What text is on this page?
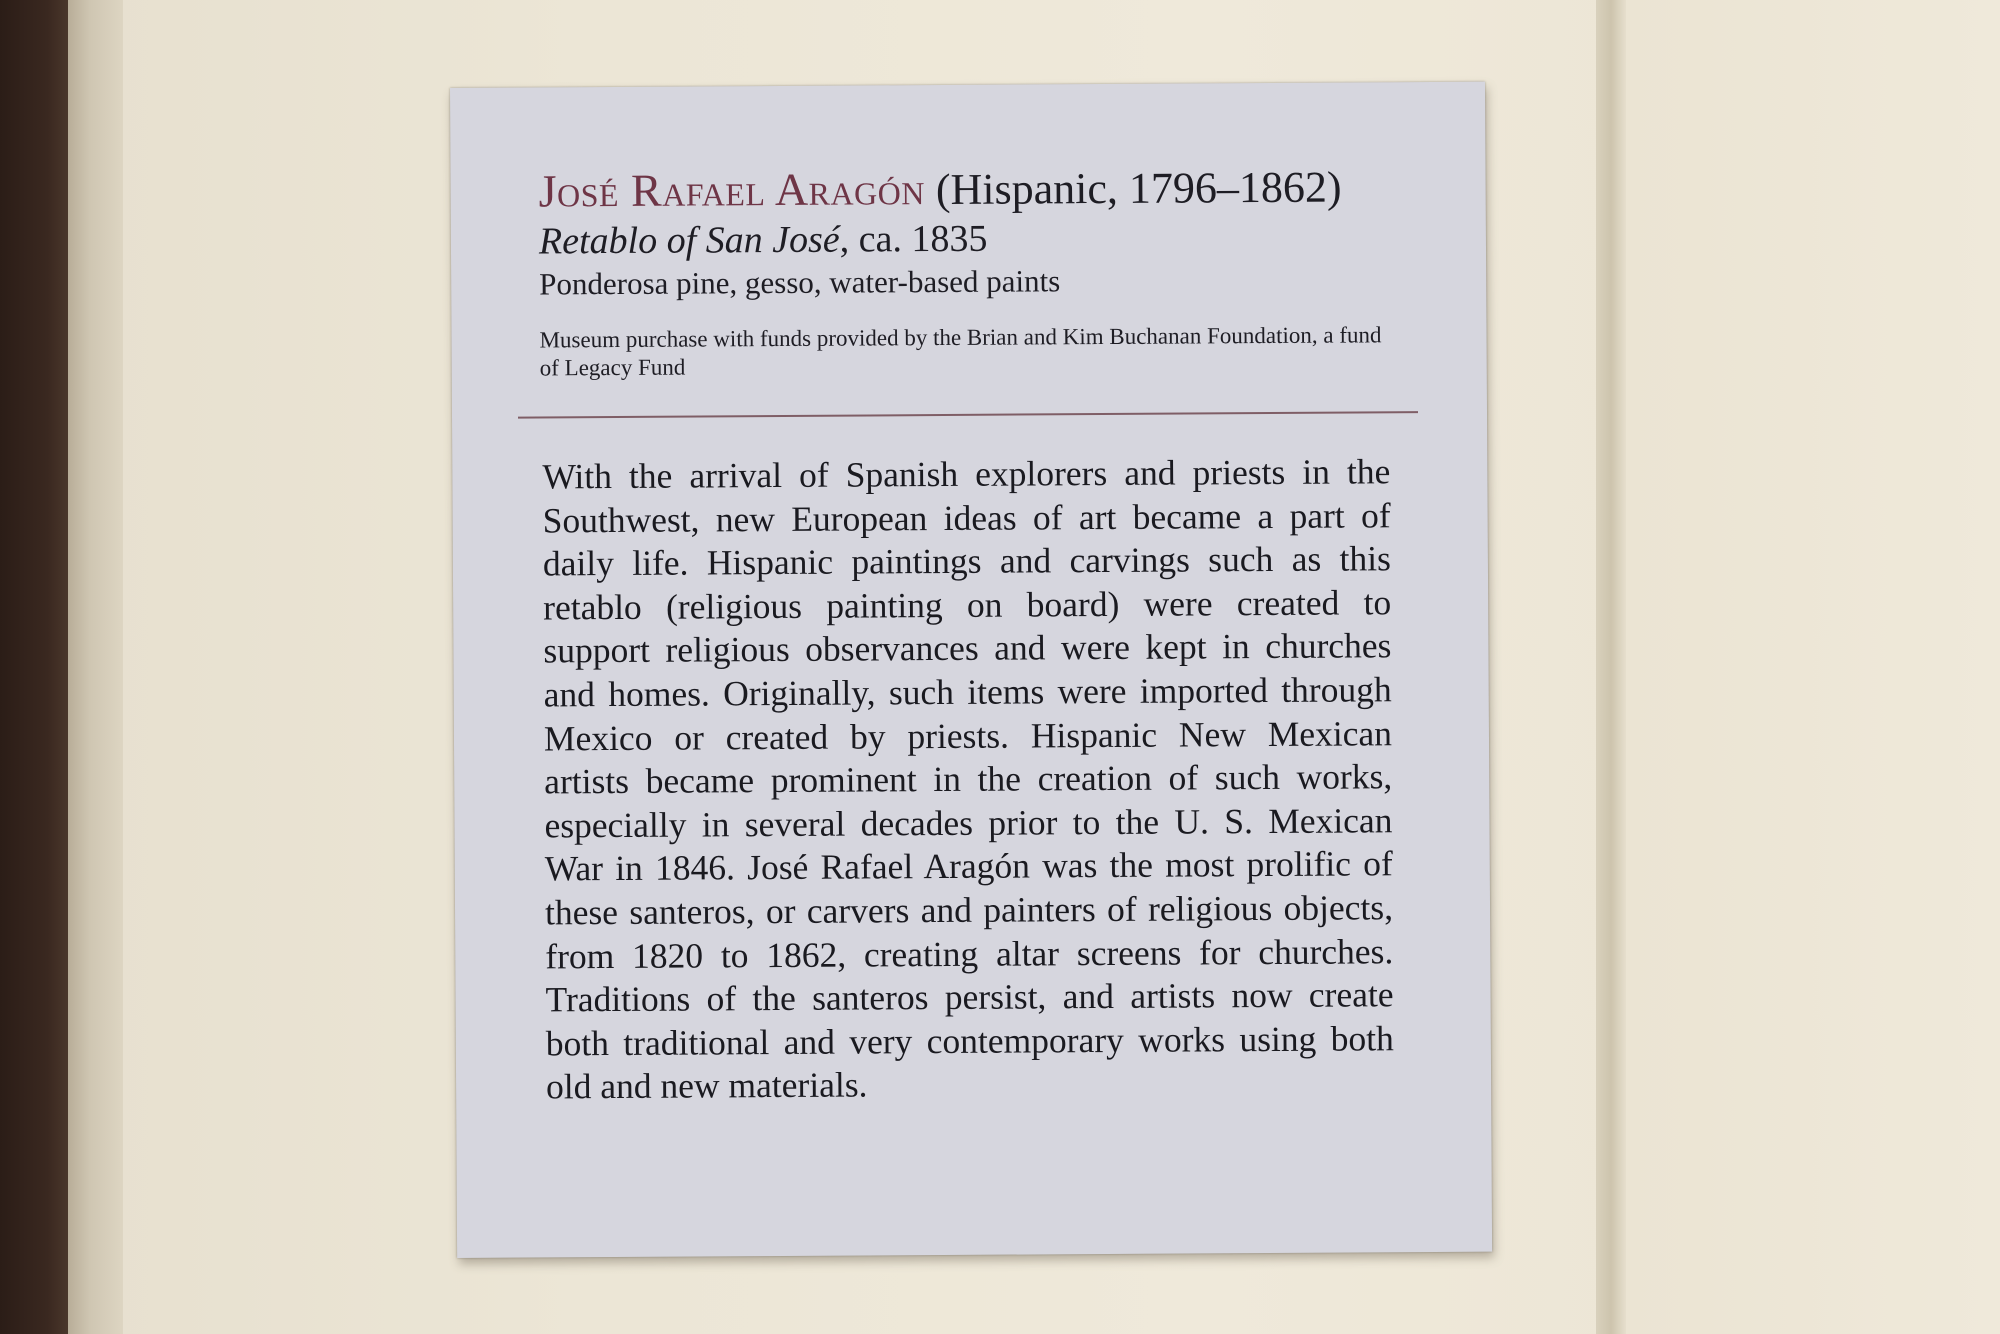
José Rafael Aragón (Hispanic, 1796–1862)

Retablo of San José, ca. 1835

Ponderosa pine, gesso, water-based paints

Museum purchase with funds provided by the Brian and Kim Buchanan Foundation, a fund of Legacy Fund

With the arrival of Spanish explorers and priests in the Southwest, new European ideas of art became a part of daily life. Hispanic paintings and carvings such as this retablo (religious painting on board) were created to support religious observances and were kept in churches and homes. Originally, such items were imported through Mexico or created by priests. Hispanic New Mexican artists became prominent in the creation of such works, especially in several decades prior to the U. S. Mexican War in 1846. José Rafael Aragón was the most prolific of these santeros, or carvers and painters of religious objects, from 1820 to 1862, creating altar screens for churches. Traditions of the santeros persist, and artists now create both traditional and very contemporary works using both old and new materials.
